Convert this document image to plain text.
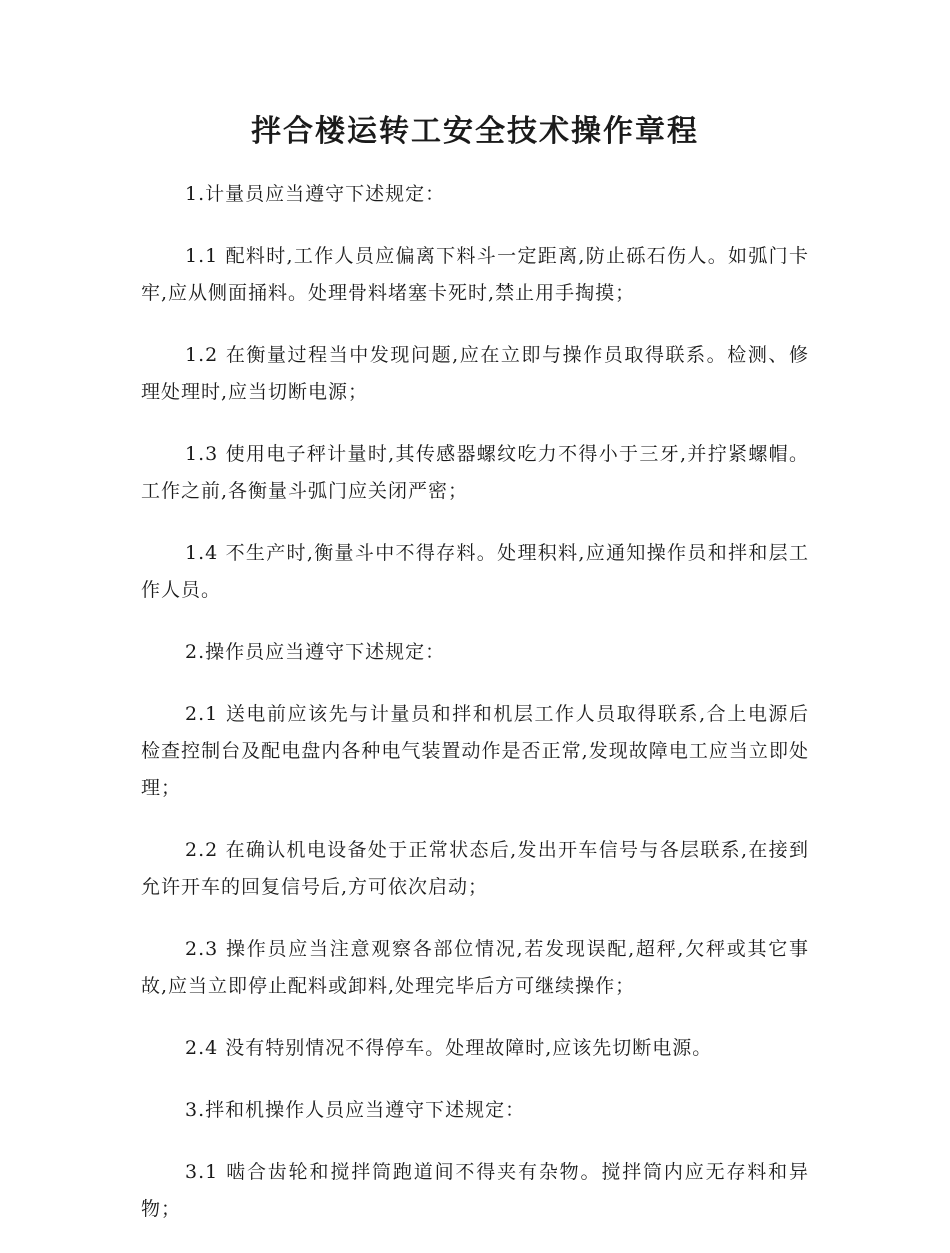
拌合楼运转工安全技术操作章程

1.计量员应当遵守下述规定：

1.1 配料时,工作人员应偏离下料斗一定距离,防止砾石伤人。如弧门卡牢,应从侧面捅料。处理骨料堵塞卡死时,禁止用手掏摸；

1.2 在衡量过程当中发现问题,应在立即与操作员取得联系。检测、修理处理时,应当切断电源；

1.3 使用电子秤计量时,其传感器螺纹吃力不得小于三牙,并拧紧螺帽。工作之前,各衡量斗弧门应关闭严密；

1.4 不生产时,衡量斗中不得存料。处理积料,应通知操作员和拌和层工作人员。

2.操作员应当遵守下述规定：

2.1 送电前应该先与计量员和拌和机层工作人员取得联系,合上电源后检查控制台及配电盘内各种电气装置动作是否正常,发现故障电工应当立即处理；

2.2 在确认机电设备处于正常状态后,发出开车信号与各层联系,在接到允许开车的回复信号后,方可依次启动；

2.3 操作员应当注意观察各部位情况,若发现误配,超秤,欠秤或其它事故,应当立即停止配料或卸料,处理完毕后方可继续操作；

2.4 没有特别情况不得停车。处理故障时,应该先切断电源。

3.拌和机操作人员应当遵守下述规定：

3.1 啮合齿轮和搅拌筒跑道间不得夹有杂物。搅拌筒内应无存料和异物；
